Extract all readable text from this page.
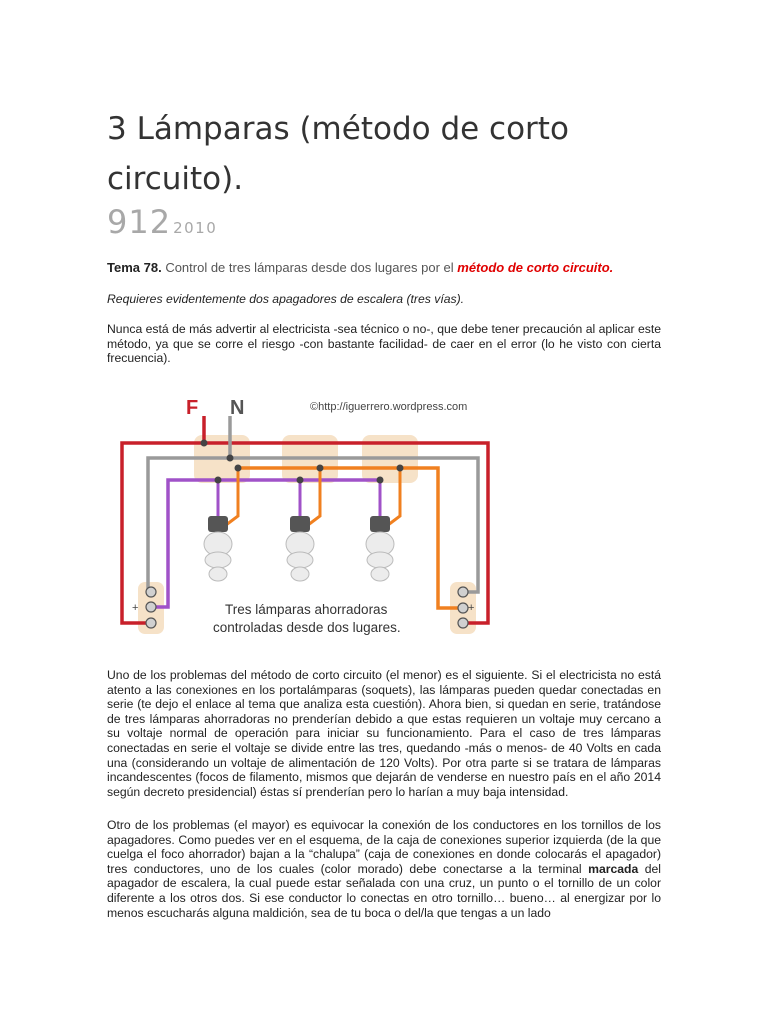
3 Lámparas (método de corto circuito).
912 2010

Tema 78. Control de tres lámparas desde dos lugares por el método de corto circuito.

Requieres evidentemente dos apagadores de escalera (tres vías).

Nunca está de más advertir al electricista -sea técnico o no-, que debe tener precaución al aplicar este método, ya que se corre el riesgo -con bastante facilidad- de caer en el error (lo he visto con cierta frecuencia).

F N	©http://iguerrero.wordpress.com
+	+
Tres lámparas ahorradoras
controladas desde dos lugares.

Uno de los problemas del método de corto circuito (el menor) es el siguiente. Si el electricista no está atento a las conexiones en los portalámparas (soquets), las lámparas pueden quedar conectadas en serie (te dejo el enlace al tema que analiza esta cuestión). Ahora bien, si quedan en serie, tratándose de tres lámparas ahorradoras no prenderían debido a que estas requieren un voltaje muy cercano a su voltaje normal de operación para iniciar su funcionamiento. Para el caso de tres lámparas conectadas en serie el voltaje se divide entre las tres, quedando -más o menos- de 40 Volts en cada una (considerando un voltaje de alimentación de 120 Volts). Por otra parte si se tratara de lámparas incandescentes (focos de filamento, mismos que dejarán de venderse en nuestro país en el año 2014 según decreto presidencial) éstas sí prenderían pero lo harían a muy baja intensidad.

Otro de los problemas (el mayor) es equivocar la conexión de los conductores en los tornillos de los apagadores. Como puedes ver en el esquema, de la caja de conexiones superior izquierda (de la que cuelga el foco ahorrador) bajan a la “chalupa” (caja de conexiones en donde colocarás el apagador) tres conductores, uno de los cuales (color morado) debe conectarse a la terminal marcada del apagador de escalera, la cual puede estar señalada con una cruz, un punto o el tornillo de un color diferente a los otros dos. Si ese conductor lo conectas en otro tornillo… bueno… al energizar por lo menos escucharás alguna maldición, sea de tu boca o del/la que tengas a un lado
